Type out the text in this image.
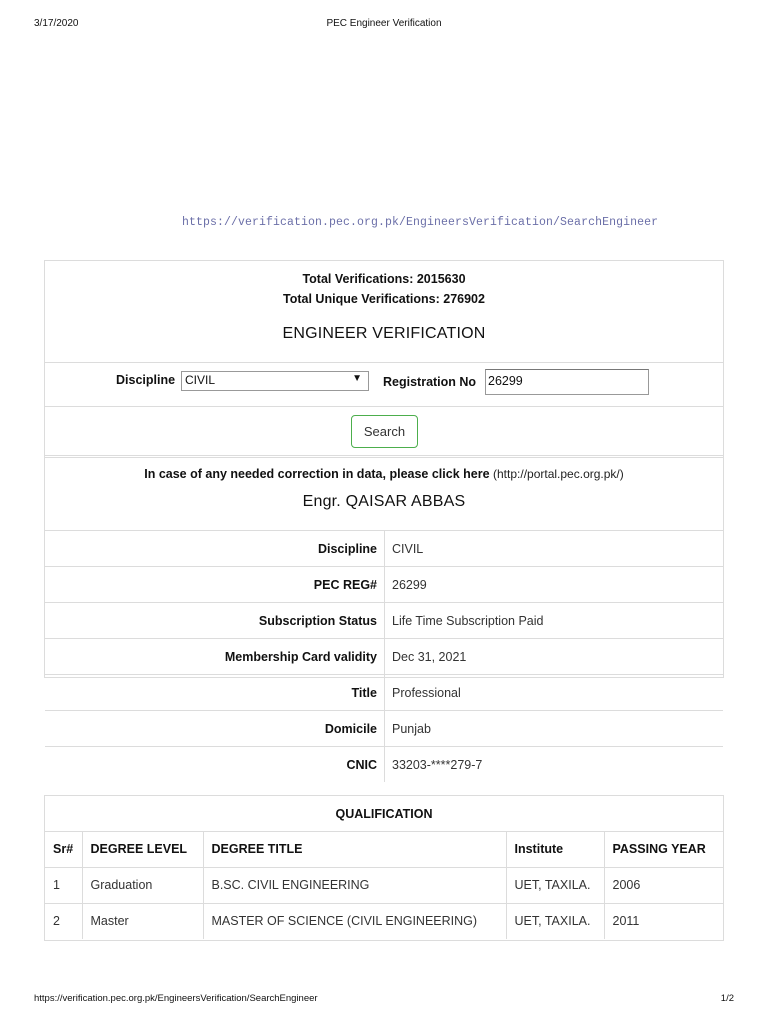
3/17/2020	PEC Engineer Verification
https://verification.pec.org.pk/EngineersVerification/SearchEngineer
Total Verifications: 2015630
Total Unique Verifications: 276902
ENGINEER VERIFICATION
Discipline CIVIL	▼ Registration No 26299
Search
In case of any needed correction in data, please click here (http://portal.pec.org.pk/)
Engr. QAISAR ABBAS
Discipline CIVIL
PEC REG# 26299
Subscription Status Life Time Subscription Paid
Membership Card validity Dec 31, 2021
Title Professional
Domicile Punjab
CNIC 33203-****279-7
QUALIFICATION
Sr#	DEGREE LEVEL	DEGREE TITLE	Institute	PASSING YEAR
1	Graduation	B.SC. CIVIL ENGINEERING	UET, TAXILA.	2006
2	Master	MASTER OF SCIENCE (CIVIL ENGINEERING)	UET, TAXILA.	2011
https://verification.pec.org.pk/EngineersVerification/SearchEngineer	1/2
